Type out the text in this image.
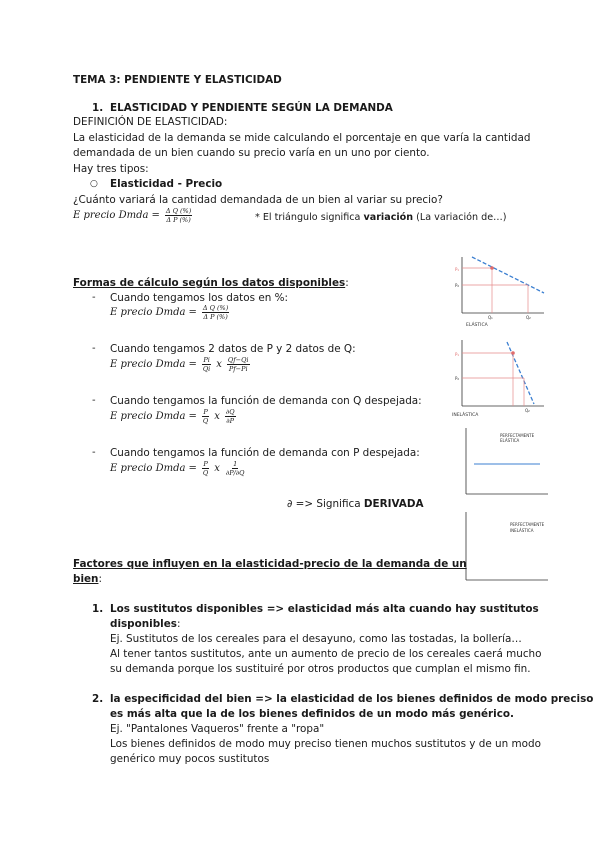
TEMA 3: PENDIENTE Y ELASTICIDAD
1. ELASTICIDAD Y PENDIENTE SEGÚN LA DEMANDA
DEFINICIÓN DE ELASTICIDAD:
La elasticidad de la demanda se mide calculando el porcentaje en que varía la cantidad
demandada de un bien cuando su precio varía en un uno por ciento.
Hay tres tipos:
○ Elasticidad - Precio
¿Cuánto variará la cantidad demandada de un bien al variar su precio?
E precio Dmda = $\frac{\text{Δ Q (\%)}}{\text{Δ P (\%)}}$	* El triángulo significa variación (La variación de…)
Formas de cálculo según los datos disponibles:
- Cuando tengamos los datos en %:
E precio Dmda = $\frac{\text{Δ Q (\%)}}{\text{Δ P (\%)}}$
- Cuando tengamos 2 datos de P y 2 datos de Q:
E precio Dmda = $\frac{Pi}{Qi}$ x $\frac{Qf-Qi}{Pf-Pi}$
- Cuando tengamos la función de demanda con Q despejada:
E precio Dmda = $\frac{P}{Q}$ x $\frac{\partial Q}{\partial P}$
- Cuando tengamos la función de demanda con P despejada:
E precio Dmda = $\frac{P}{Q}$ x $\frac{1}{\partial P/\partial Q}$
∂ => Significa DERIVADA
P₁
P₂
Q₁	Q₂
ELÁSTICA
P₁
P₂
Q₂
INELÁSTICA
PERFECTAMENTE
ELÁSTICA
PERFECTAMENTE
INELÁSTICA
Factores que influyen en la elasticidad-precio de la demanda de un
bien:
1. Los sustitutos disponibles => elasticidad más alta cuando hay sustitutos
disponibles:
Ej. Sustitutos de los cereales para el desayuno, como las tostadas, la bollería…
Al tener tantos sustitutos, ante un aumento de precio de los cereales caerá mucho
su demanda porque los sustituiré por otros productos que cumplan el mismo fin.
2. la especificidad del bien => la elasticidad de los bienes definidos de modo preciso
es más alta que la de los bienes definidos de un modo más genérico.
Ej. "Pantalones Vaqueros" frente a "ropa"
Los bienes definidos de modo muy preciso tienen muchos sustitutos y de un modo
genérico muy pocos sustitutos
